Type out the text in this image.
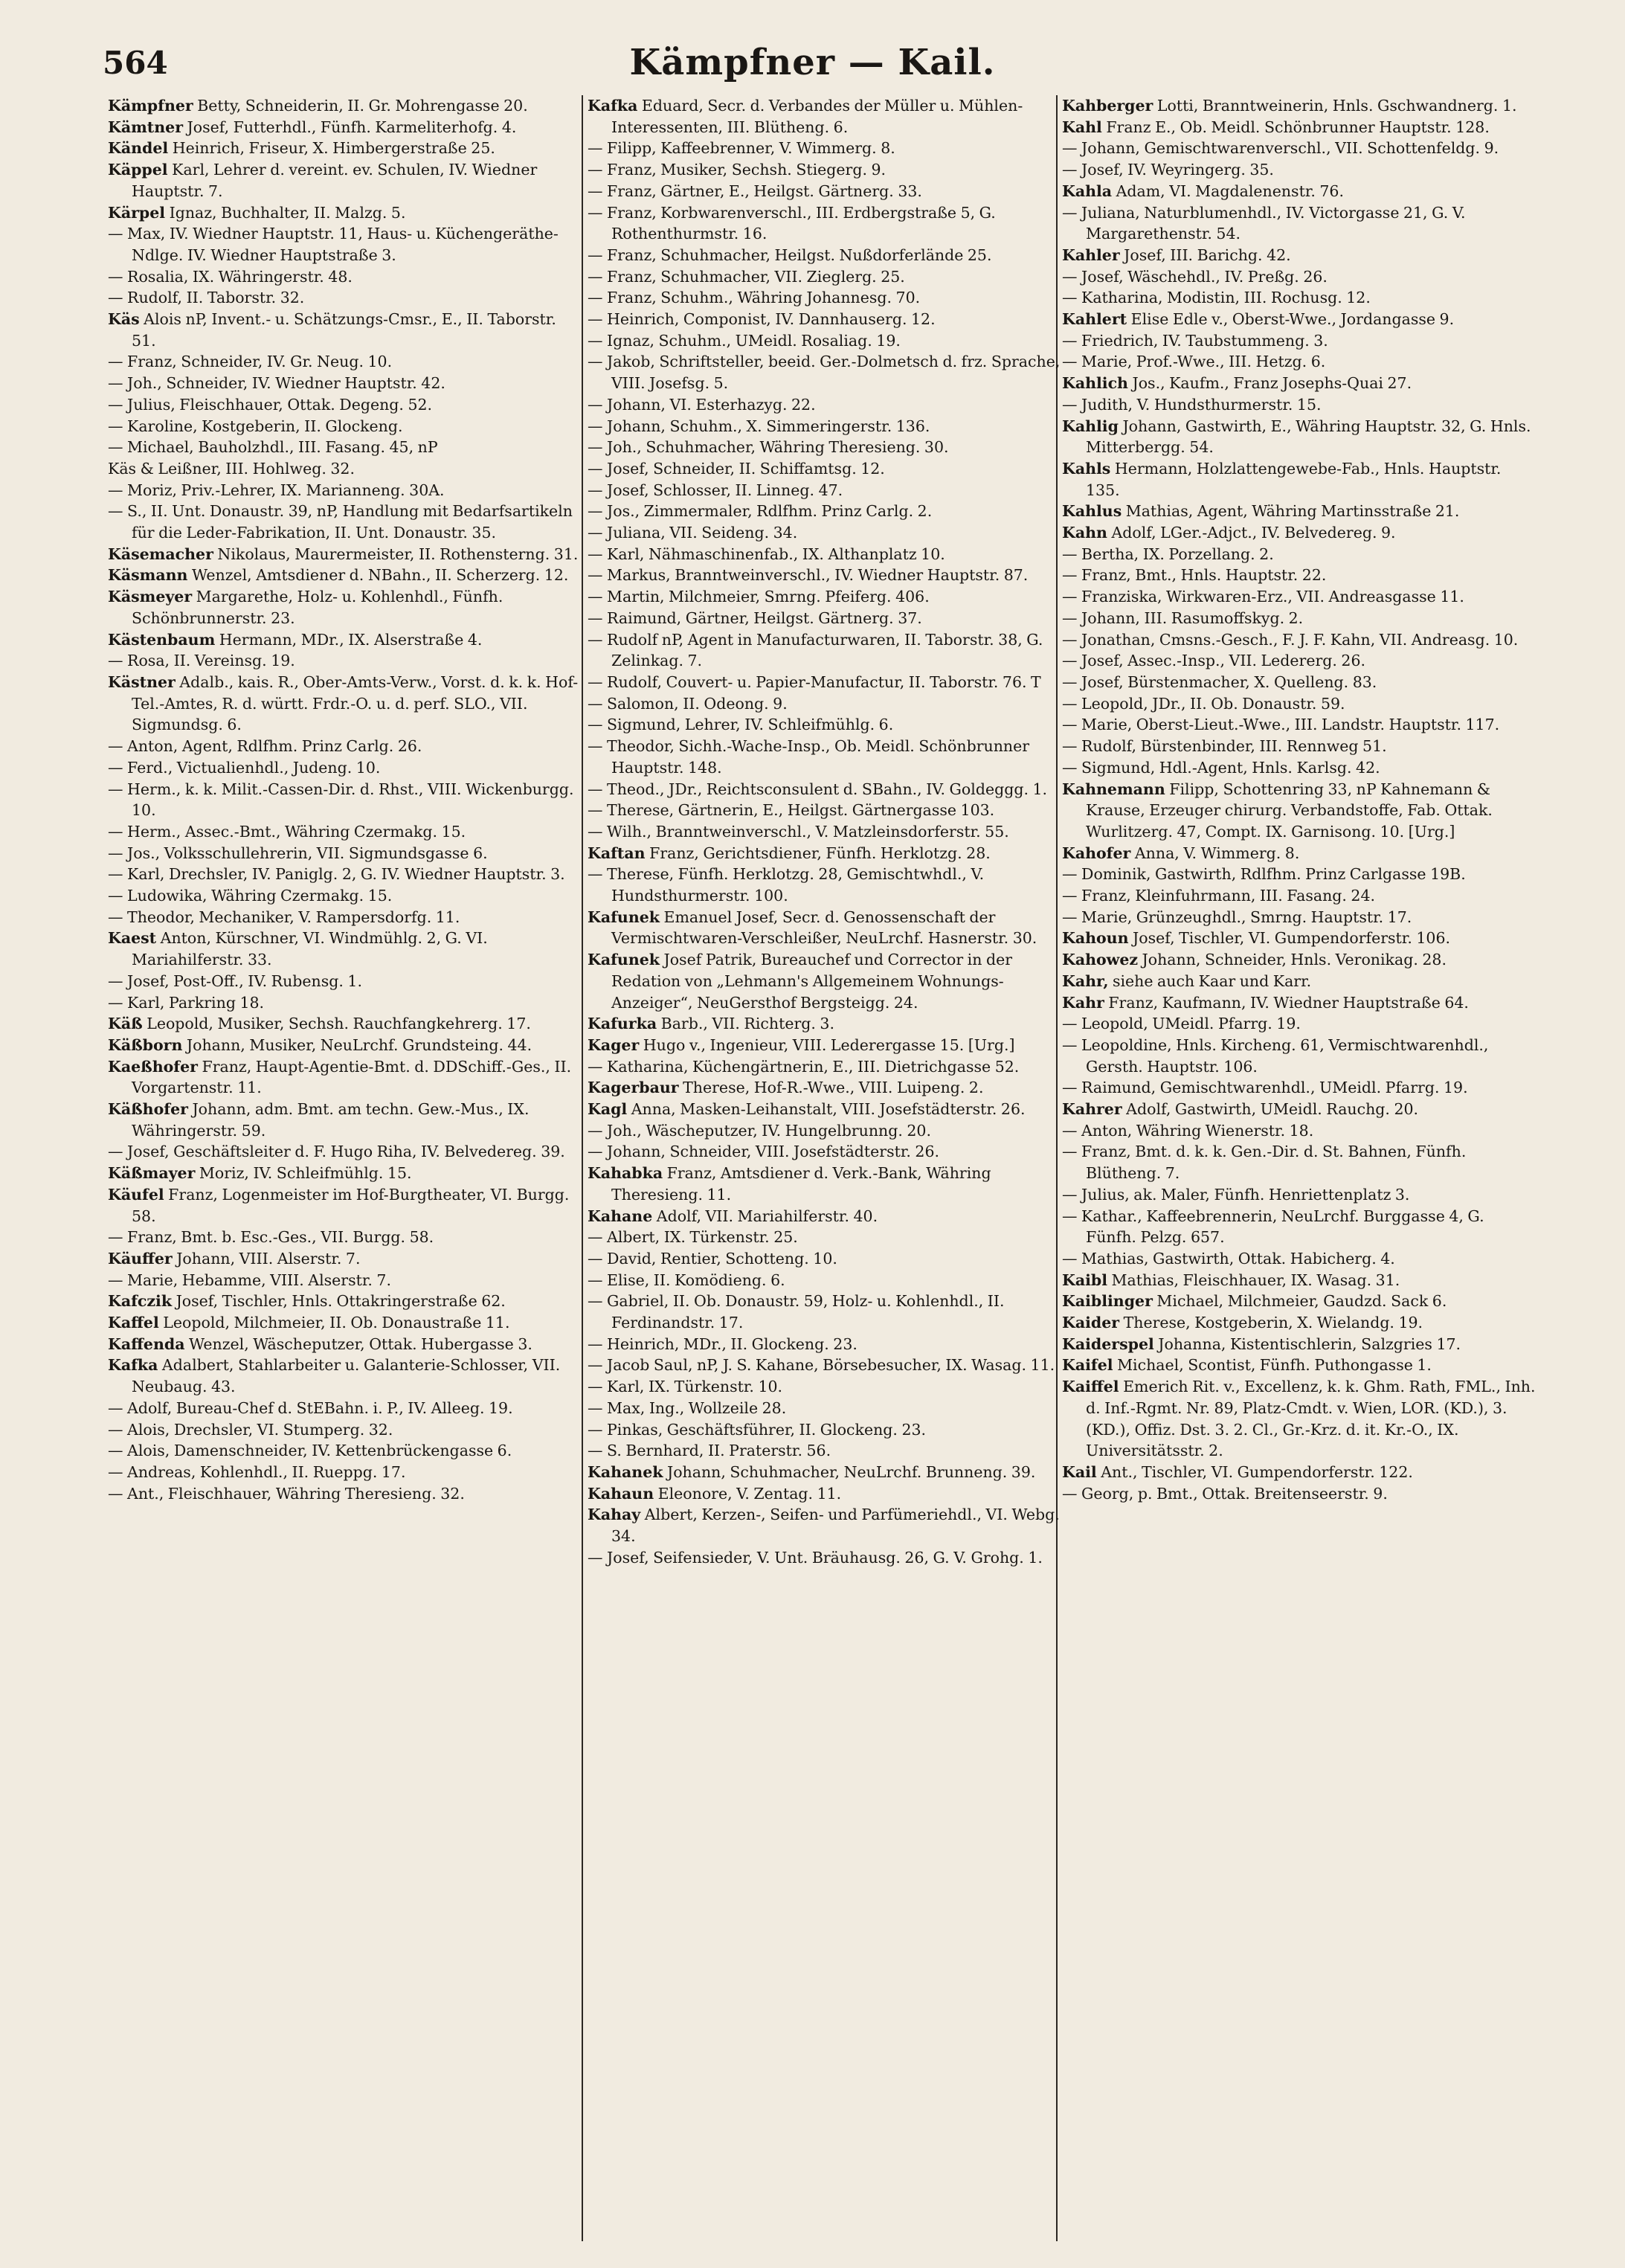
564	Kämpfner — Kail.
Kämpfner Betty, Schneiderin, II. Gr. Mohrengasse 20.
Kämtner Josef, Futterhdl., Fünfh. Karmeliterhofg. 4.
Kändel Heinrich, Friseur, X. Himbergerstraße 25.
Käppel Karl, Lehrer d. vereint. ev. Schulen, IV. Wiedner Hauptstr. 7.
Kärpel Ignaz, Buchhalter, II. Malzg. 5.
— Max, IV. Wiedner Hauptstr. 11, Haus- u. Küchengeräthe-Ndlge. IV. Wiedner Hauptstraße 3.
— Rosalia, IX. Währingerstr. 48.
— Rudolf, II. Taborstr. 32.
Käs Alois nP, Invent.- u. Schätzungs-Cmsr., E., II. Taborstr. 51.
— Franz, Schneider, IV. Gr. Neug. 10.
— Joh., Schneider, IV. Wiedner Hauptstr. 42.
— Julius, Fleischhauer, Ottak. Degeng. 52.
— Karoline, Kostgeberin, II. Glockeng.
— Michael, Bauholzhdl., III. Fasang. 45, nP
Käs & Leißner, III. Hohlweg. 32.
— Moriz, Priv.-Lehrer, IX. Marianneng. 30A.
— S., II. Unt. Donaustr. 39, nP, Handlung mit Bedarfsartikeln für die Leder-Fabrikation, II. Unt. Donaustr. 35.
Käsemacher Nikolaus, Maurermeister, II. Rothensterng. 31.
Käsmann Wenzel, Amtsdiener d. NBahn., II. Scherzerg. 12.
Käsmeyer Margarethe, Holz- u. Kohlenhdl., Fünfh. Schönbrunnerstr. 23.
Kästenbaum Hermann, MDr., IX. Alserstraße 4.
— Rosa, II. Vereinsg. 19.
Kästner Adalb., kais. R., Ober-Amts-Verw., Vorst. d. k. k. Hof-Tel.-Amtes, R. d. württ. Frdr.-O. u. d. perf. SLO., VII. Sigmundsg. 6.
— Anton, Agent, Rdlfhm. Prinz Carlg. 26.
— Ferd., Victualienhdl., Judeng. 10.
— Herm., k. k. Milit.-Cassen-Dir. d. Rhst., VIII. Wickenburgg. 10.
— Herm., Assec.-Bmt., Währing Czermakg. 15.
— Jos., Volksschullehrerin, VII. Sigmundsgasse 6.
— Karl, Drechsler, IV. Paniglg. 2, G. IV. Wiedner Hauptstr. 3.
— Ludowika, Währing Czermakg. 15.
— Theodor, Mechaniker, V. Rampersdorfg. 11.
Kaest Anton, Kürschner, VI. Windmühlg. 2, G. VI. Mariahilferstr. 33.
— Josef, Post-Off., IV. Rubensg. 1.
— Karl, Parkring 18.
Käß Leopold, Musiker, Sechsh. Rauchfangkehrerg. 17.
Käßborn Johann, Musiker, NeuLrchf. Grundsteing. 44.
Kaeßhofer Franz, Haupt-Agentie-Bmt. d. DDSchiff.-Ges., II. Vorgartenstr. 11.
Käßhofer Johann, adm. Bmt. am techn. Gew.-Mus., IX. Währingerstr. 59.
— Josef, Geschäftsleiter d. F. Hugo Riha, IV. Belvedereg. 39.
Käßmayer Moriz, IV. Schleifmühlg. 15.
Käufel Franz, Logenmeister im Hof-Burgtheater, VI. Burgg. 58.
— Franz, Bmt. b. Esc.-Ges., VII. Burgg. 58.
Käuffer Johann, VIII. Alserstr. 7.
— Marie, Hebamme, VIII. Alserstr. 7.
Kafczik Josef, Tischler, Hnls. Ottakringerstraße 62.
Kaffel Leopold, Milchmeier, II. Ob. Donaustraße 11.
Kaffenda Wenzel, Wäscheputzer, Ottak. Hubergasse 3.
Kafka Adalbert, Stahlarbeiter u. Galanterie-Schlosser, VII. Neubaug. 43.
— Adolf, Bureau-Chef d. StEBahn. i. P., IV. Alleeg. 19.
— Alois, Drechsler, VI. Stumperg. 32.
— Alois, Damenschneider, IV. Kettenbrückengasse 6.
— Andreas, Kohlenhdl., II. Rueppg. 17.
— Ant., Fleischhauer, Währing Theresieng. 32.
Kafka Eduard, Secr. d. Verbandes der Müller u. Mühlen-Interessenten, III. Blütheng. 6.
— Filipp, Kaffeebrenner, V. Wimmerg. 8.
— Franz, Musiker, Sechsh. Stiegerg. 9.
— Franz, Gärtner, E., Heilgst. Gärtnerg. 33.
— Franz, Korbwarenverschl., III. Erdbergstraße 5, G. Rothenthurmstr. 16.
— Franz, Schuhmacher, Heilgst. Nußdorferlände 25.
— Franz, Schuhmacher, VII. Zieglerg. 25.
— Franz, Schuhm., Währing Johannesg. 70.
— Heinrich, Componist, IV. Dannhauserg. 12.
— Ignaz, Schuhm., UMeidl. Rosaliag. 19.
— Jakob, Schriftsteller, beeid. Ger.-Dolmetsch d. frz. Sprache, VIII. Josefsg. 5.
— Johann, VI. Esterhazyg. 22.
— Johann, Schuhm., X. Simmeringerstr. 136.
— Joh., Schuhmacher, Währing Theresieng. 30.
— Josef, Schneider, II. Schiffamtsg. 12.
— Josef, Schlosser, II. Linneg. 47.
— Jos., Zimmermaler, Rdlfhm. Prinz Carlg. 2.
— Juliana, VII. Seideng. 34.
— Karl, Nähmaschinenfab., IX. Althanplatz 10.
— Markus, Branntweinverschl., IV. Wiedner Hauptstr. 87.
— Martin, Milchmeier, Smrng. Pfeiferg. 406.
— Raimund, Gärtner, Heilgst. Gärtnerg. 37.
— Rudolf nP, Agent in Manufacturwaren, II. Taborstr. 38, G. Zelinkag. 7.
— Rudolf, Couvert- u. Papier-Manufactur, II. Taborstr. 76. T
— Salomon, II. Odeong. 9.
— Sigmund, Lehrer, IV. Schleifmühlg. 6.
— Theodor, Sichh.-Wache-Insp., Ob. Meidl. Schönbrunner Hauptstr. 148.
— Theod., JDr., Reichtsconsulent d. SBahn., IV. Goldeggg. 1.
— Therese, Gärtnerin, E., Heilgst. Gärtnergasse 103.
— Wilh., Branntweinverschl., V. Matzleinsdorferstr. 55.
Kaftan Franz, Gerichtsdiener, Fünfh. Herklotzg. 28.
— Therese, Fünfh. Herklotzg. 28, Gemischtwhdl., V. Hundsthurmerstr. 100.
Kafunek Emanuel Josef, Secr. d. Genossenschaft der Vermischtwaren-Verschleißer, NeuLrchf. Hasnerstr. 30.
Kafunek Josef Patrik, Bureauchef und Corrector in der Redation von „Lehmann's Allgemeinem Wohnungs-Anzeiger“, NeuGersthof Bergsteigg. 24.
Kafurka Barb., VII. Richterg. 3.
Kager Hugo v., Ingenieur, VIII. Lederergasse 15. [Urg.]
— Katharina, Küchengärtnerin, E., III. Dietrichgasse 52.
Kagerbaur Therese, Hof-R.-Wwe., VIII. Luipeng. 2.
Kagl Anna, Masken-Leihanstalt, VIII. Josefstädterstr. 26.
— Joh., Wäscheputzer, IV. Hungelbrunng. 20.
— Johann, Schneider, VIII. Josefstädterstr. 26.
Kahabka Franz, Amtsdiener d. Verk.-Bank, Währing Theresieng. 11.
Kahane Adolf, VII. Mariahilferstr. 40.
— Albert, IX. Türkenstr. 25.
— David, Rentier, Schotteng. 10.
— Elise, II. Komödieng. 6.
— Gabriel, II. Ob. Donaustr. 59, Holz- u. Kohlenhdl., II. Ferdinandstr. 17.
— Heinrich, MDr., II. Glockeng. 23.
— Jacob Saul, nP, J. S. Kahane, Börsebesucher, IX. Wasag. 11.
— Karl, IX. Türkenstr. 10.
— Max, Ing., Wollzeile 28.
— Pinkas, Geschäftsführer, II. Glockeng. 23.
— S. Bernhard, II. Praterstr. 56.
Kahanek Johann, Schuhmacher, NeuLrchf. Brunneng. 39.
Kahaun Eleonore, V. Zentag. 11.
Kahay Albert, Kerzen-, Seifen- und Parfümeriehdl., VI. Webg. 34.
— Josef, Seifensieder, V. Unt. Bräuhausg. 26, G. V. Grohg. 1.
Kahberger Lotti, Branntweinerin, Hnls. Gschwandnerg. 1.
Kahl Franz E., Ob. Meidl. Schönbrunner Hauptstr. 128.
— Johann, Gemischtwarenverschl., VII. Schottenfeldg. 9.
— Josef, IV. Weyringerg. 35.
Kahla Adam, VI. Magdalenenstr. 76.
— Juliana, Naturblumenhdl., IV. Victorgasse 21, G. V. Margarethenstr. 54.
Kahler Josef, III. Barichg. 42.
— Josef, Wäschehdl., IV. Preßg. 26.
— Katharina, Modistin, III. Rochusg. 12.
Kahlert Elise Edle v., Oberst-Wwe., Jordangasse 9.
— Friedrich, IV. Taubstummeng. 3.
— Marie, Prof.-Wwe., III. Hetzg. 6.
Kahlich Jos., Kaufm., Franz Josephs-Quai 27.
— Judith, V. Hundsthurmerstr. 15.
Kahlig Johann, Gastwirth, E., Währing Hauptstr. 32, G. Hnls. Mitterbergg. 54.
Kahls Hermann, Holzlattengewebe-Fab., Hnls. Hauptstr. 135.
Kahlus Mathias, Agent, Währing Martinsstraße 21.
Kahn Adolf, LGer.-Adjct., IV. Belvedereg. 9.
— Bertha, IX. Porzellang. 2.
— Franz, Bmt., Hnls. Hauptstr. 22.
— Franziska, Wirkwaren-Erz., VII. Andreasgasse 11.
— Johann, III. Rasumoffskyg. 2.
— Jonathan, Cmsns.-Gesch., F. J. F. Kahn, VII. Andreasg. 10.
— Josef, Assec.-Insp., VII. Ledererg. 26.
— Josef, Bürstenmacher, X. Quelleng. 83.
— Leopold, JDr., II. Ob. Donaustr. 59.
— Marie, Oberst-Lieut.-Wwe., III. Landstr. Hauptstr. 117.
— Rudolf, Bürstenbinder, III. Rennweg 51.
— Sigmund, Hdl.-Agent, Hnls. Karlsg. 42.
Kahnemann Filipp, Schottenring 33, nP Kahnemann & Krause, Erzeuger chirurg. Verbandstoffe, Fab. Ottak. Wurlitzerg. 47, Compt. IX. Garnisong. 10. [Urg.]
Kahofer Anna, V. Wimmerg. 8.
— Dominik, Gastwirth, Rdlfhm. Prinz Carlgasse 19B.
— Franz, Kleinfuhrmann, III. Fasang. 24.
— Marie, Grünzeughdl., Smrng. Hauptstr. 17.
Kahoun Josef, Tischler, VI. Gumpendorferstr. 106.
Kahowez Johann, Schneider, Hnls. Veronikag. 28.
Kahr, siehe auch Kaar und Karr.
Kahr Franz, Kaufmann, IV. Wiedner Hauptstraße 64.
— Leopold, UMeidl. Pfarrg. 19.
— Leopoldine, Hnls. Kircheng. 61, Vermischtwarenhdl., Gersth. Hauptstr. 106.
— Raimund, Gemischtwarenhdl., UMeidl. Pfarrg. 19.
Kahrer Adolf, Gastwirth, UMeidl. Rauchg. 20.
— Anton, Währing Wienerstr. 18.
— Franz, Bmt. d. k. k. Gen.-Dir. d. St. Bahnen, Fünfh. Blütheng. 7.
— Julius, ak. Maler, Fünfh. Henriettenplatz 3.
— Kathar., Kaffeebrennerin, NeuLrchf. Burggasse 4, G. Fünfh. Pelzg. 657.
— Mathias, Gastwirth, Ottak. Habicherg. 4.
Kaibl Mathias, Fleischhauer, IX. Wasag. 31.
Kaiblinger Michael, Milchmeier, Gaudzd. Sack 6.
Kaider Therese, Kostgeberin, X. Wielandg. 19.
Kaiderspel Johanna, Kistentischlerin, Salzgries 17.
Kaifel Michael, Scontist, Fünfh. Puthongasse 1.
Kaiffel Emerich Rit. v., Excellenz, k. k. Ghm. Rath, FML., Inh. d. Inf.-Rgmt. Nr. 89, Platz-Cmdt. v. Wien, LOR. (KD.), 3. (KD.), Offiz. Dst. 3. 2. Cl., Gr.-Krz. d. it. Kr.-O., IX. Universitätsstr. 2.
Kail Ant., Tischler, VI. Gumpendorferstr. 122.
— Georg, p. Bmt., Ottak. Breitenseerstr. 9.
